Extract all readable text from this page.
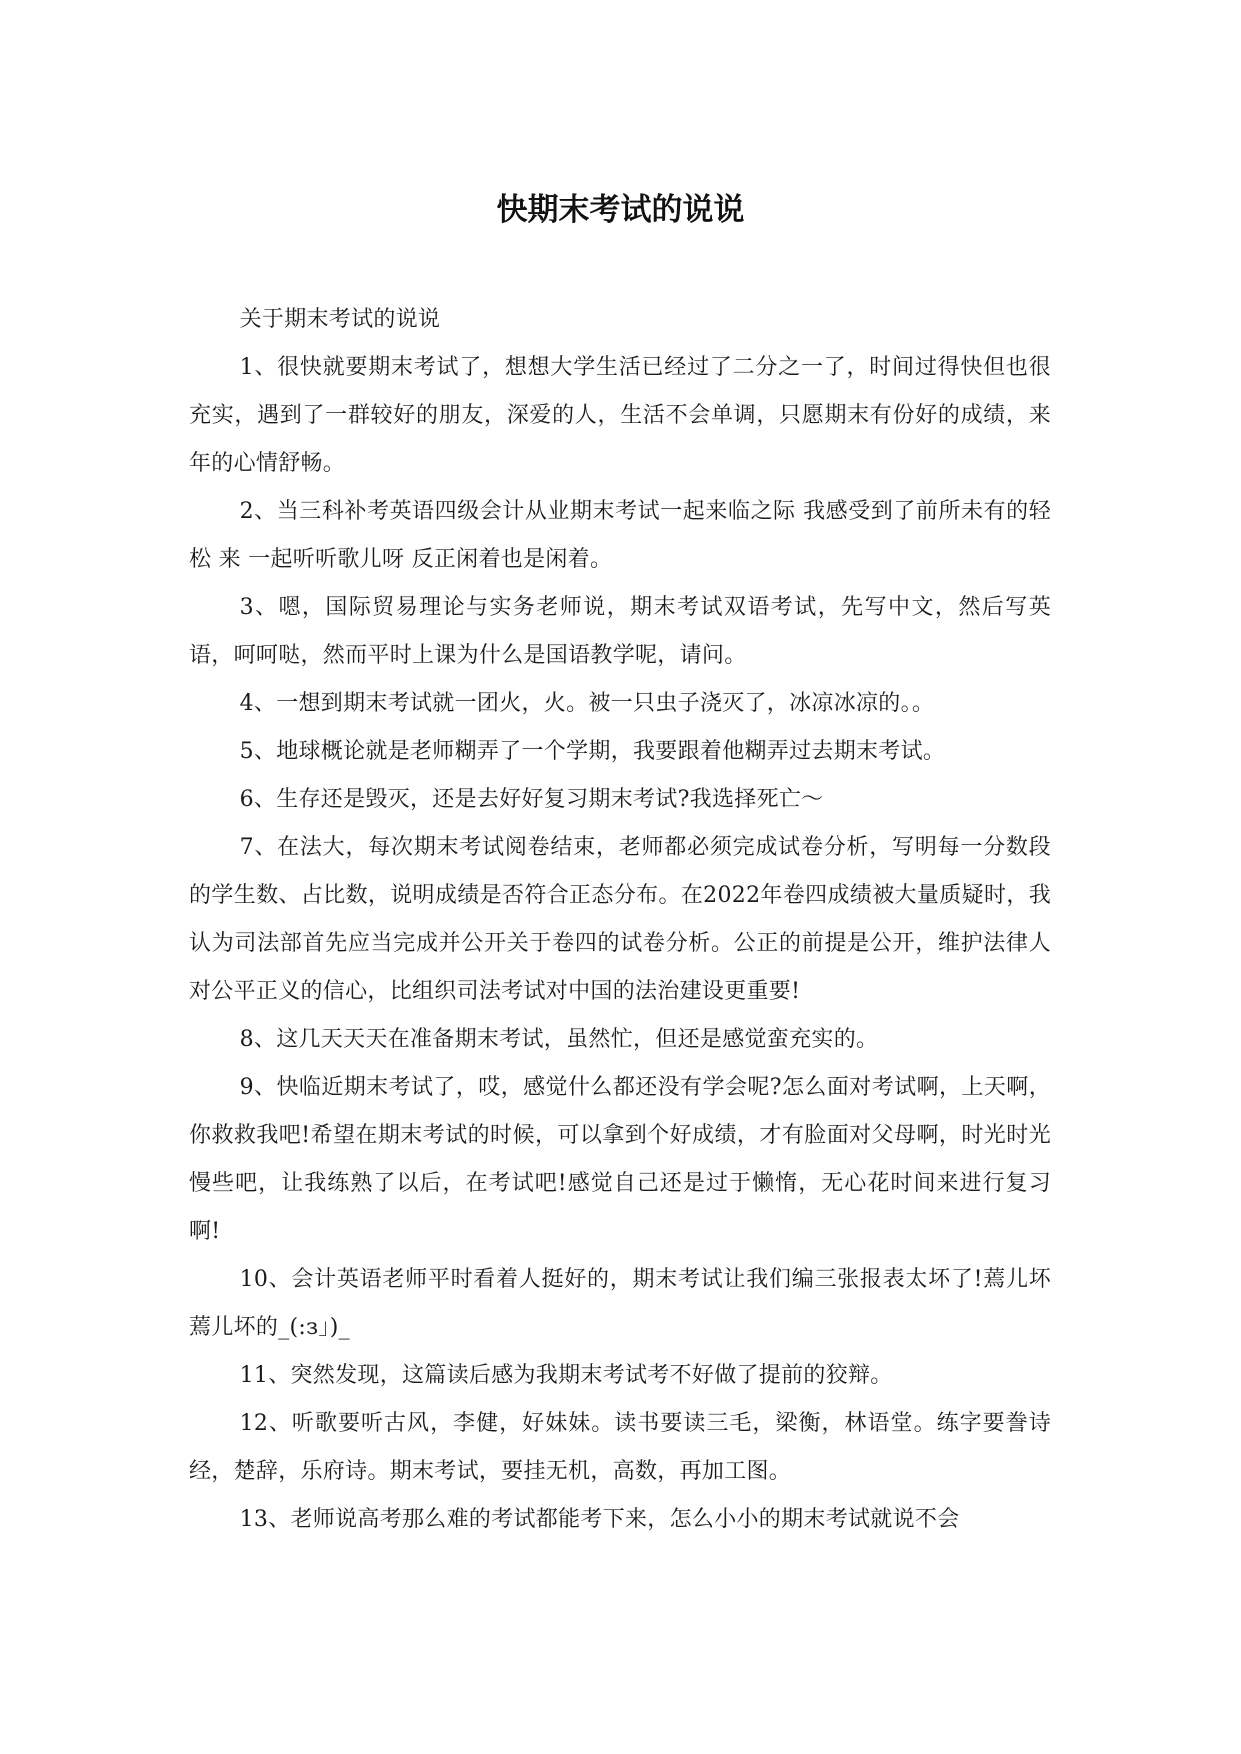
快期末考试的说说

关于期末考试的说说

1、很快就要期末考试了，想想大学生活已经过了二分之一了，时间过得快但也很充实，遇到了一群较好的朋友，深爱的人，生活不会单调，只愿期末有份好的成绩，来年的心情舒畅。

2、当三科补考英语四级会计从业期末考试一起来临之际 我感受到了前所未有的轻松 来 一起听听歌儿呀 反正闲着也是闲着。

3、嗯，国际贸易理论与实务老师说，期末考试双语考试，先写中文，然后写英语，呵呵哒，然而平时上课为什么是国语教学呢，请问。

4、一想到期末考试就一团火，火。被一只虫子浇灭了，冰凉冰凉的。。

5、地球概论就是老师糊弄了一个学期，我要跟着他糊弄过去期末考试。

6、生存还是毁灭，还是去好好复习期末考试?我选择死亡～

7、在法大，每次期末考试阅卷结束，老师都必须完成试卷分析，写明每一分数段的学生数、占比数，说明成绩是否符合正态分布。在2022年卷四成绩被大量质疑时，我认为司法部首先应当完成并公开关于卷四的试卷分析。公正的前提是公开，维护法律人对公平正义的信心，比组织司法考试对中国的法治建设更重要!

8、这几天天天在准备期末考试，虽然忙，但还是感觉蛮充实的。

9、快临近期末考试了，哎，感觉什么都还没有学会呢?怎么面对考试啊，上天啊，你救救我吧!希望在期末考试的时候，可以拿到个好成绩，才有脸面对父母啊，时光时光慢些吧，让我练熟了以后，在考试吧!感觉自己还是过于懒惰，无心花时间来进行复习啊!

10、会计英语老师平时看着人挺好的，期末考试让我们编三张报表太坏了!蔫儿坏蔫儿坏的_(:з」)_

11、突然发现，这篇读后感为我期末考试考不好做了提前的狡辩。

12、听歌要听古风，李健，好妹妹。读书要读三毛，梁衡，林语堂。练字要誊诗经，楚辞，乐府诗。期末考试，要挂无机，高数，再加工图。

13、老师说高考那么难的考试都能考下来，怎么小小的期末考试就说不会
